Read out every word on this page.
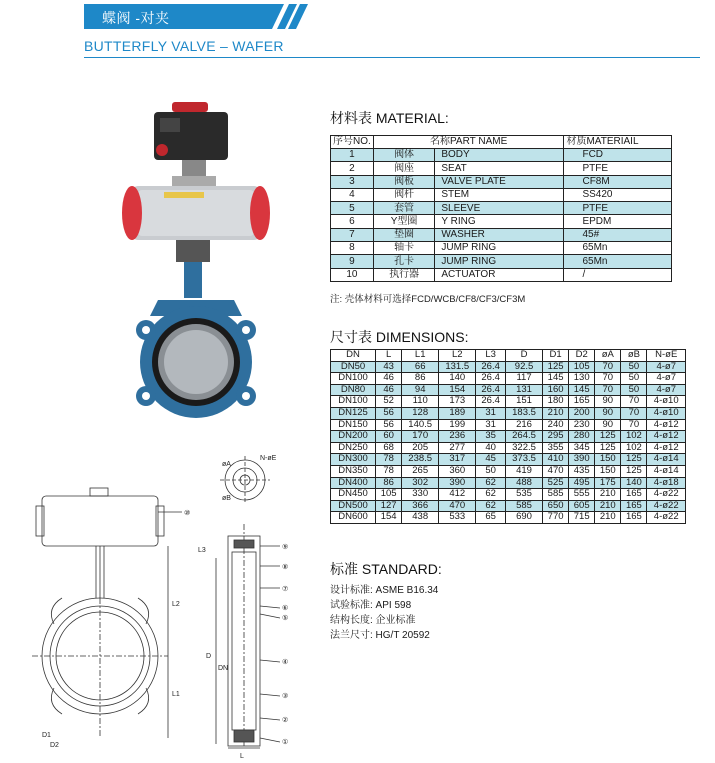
蝶阀 -对夹
BUTTERFLY VALVE – WAFER
⑩
⑨
⑧
⑦
⑥
⑤
④
③
②
①
øA
øB
N-øE
L2
L1
L3
D
DN
L
D1
D2
材料表 MATERIAL:
序号NO.	名称PART NAME		材质MATERIAIL
1	阀体	BODY	FCD
2	阀座	SEAT	PTFE
3	阀板	VALVE PLATE	CF8M
4	阀杆	STEM	SS420
5	套管	SLEEVE	PTFE
6	Y型圈	Y RING	EPDM
7	垫圈	WASHER	45#
8	轴卡	JUMP RING	65Mn
9	孔卡	JUMP RING	65Mn
10	执行器	ACTUATOR	/
注: 壳体材料可选择FCD/WCB/CF8/CF3/CF3M
尺寸表 DIMENSIONS:
DN	L	L1	L2	L3	D	D1	D2	øA	øB	N-øE
DN50	43	66	131.5	26.4	92.5	125	105	70	50	4-ø7
DN100	46	86	140	26.4	117	145	130	70	50	4-ø7
DN80	46	94	154	26.4	131	160	145	70	50	4-ø7
DN100	52	110	173	26.4	151	180	165	90	70	4-ø10
DN125	56	128	189	31	183.5	210	200	90	70	4-ø10
DN150	56	140.5	199	31	216	240	230	90	70	4-ø12
DN200	60	170	236	35	264.5	295	280	125	102	4-ø12
DN250	68	205	277	40	322.5	355	345	125	102	4-ø12
DN300	78	238.5	317	45	373.5	410	390	150	125	4-ø14
DN350	78	265	360	50	419	470	435	150	125	4-ø14
DN400	86	302	390	62	488	525	495	175	140	4-ø18
DN450	105	330	412	62	535	585	555	210	165	4-ø22
DN500	127	366	470	62	585	650	605	210	165	4-ø22
DN600	154	438	533	65	690	770	715	210	165	4-ø22
标准 STANDARD:
设计标准: ASME B16.34
试验标准: API 598
结构长度: 企业标准
法兰尺寸: HG/T 20592
